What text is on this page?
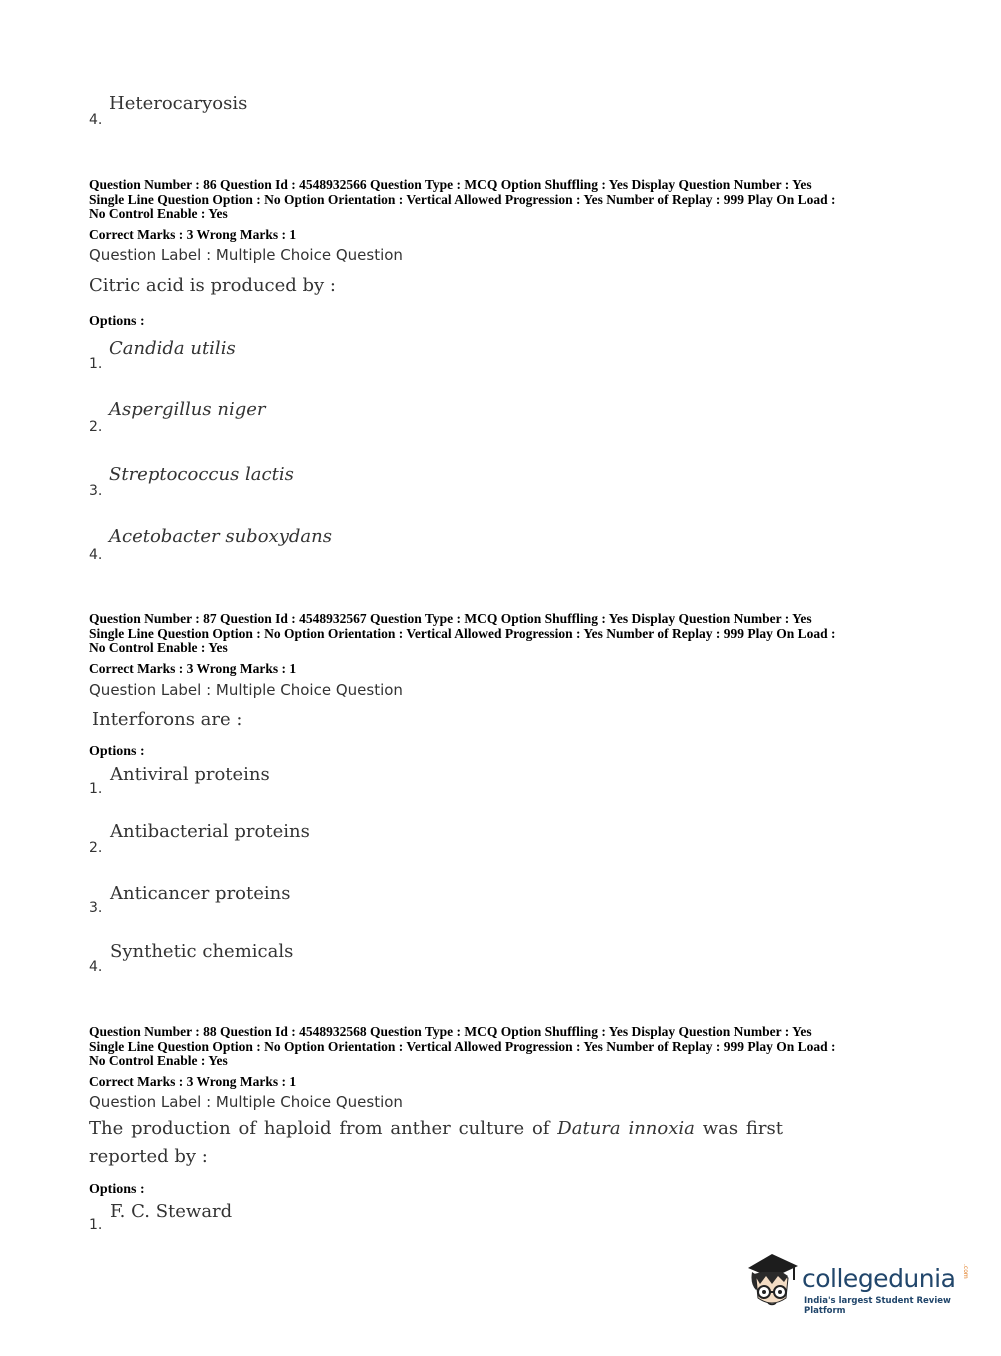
Heterocaryosis
4.
Question Number : 86 Question Id : 4548932566 Question Type : MCQ Option Shuffling : Yes Display Question Number : Yes
Single Line Question Option : No Option Orientation : Vertical Allowed Progression : Yes Number of Replay : 999 Play On Load :
No Control Enable : Yes
Correct Marks : 3 Wrong Marks : 1
Question Label : Multiple Choice Question
Citric acid is produced by :
Options :
Candida utilis
1.
Aspergillus niger
2.
Streptococcus lactis
3.
Acetobacter suboxydans
4.
Question Number : 87 Question Id : 4548932567 Question Type : MCQ Option Shuffling : Yes Display Question Number : Yes
Single Line Question Option : No Option Orientation : Vertical Allowed Progression : Yes Number of Replay : 999 Play On Load :
No Control Enable : Yes
Correct Marks : 3 Wrong Marks : 1
Question Label : Multiple Choice Question
Interforons are :
Options :
Antiviral proteins
1.
Antibacterial proteins
2.
Anticancer proteins
3.
Synthetic chemicals
4.
Question Number : 88 Question Id : 4548932568 Question Type : MCQ Option Shuffling : Yes Display Question Number : Yes
Single Line Question Option : No Option Orientation : Vertical Allowed Progression : Yes Number of Replay : 999 Play On Load :
No Control Enable : Yes
Correct Marks : 3 Wrong Marks : 1
Question Label : Multiple Choice Question
The production of haploid from anther culture of Datura innoxia was first
reported by :
Options :
F. C. Steward
1.
collegedunia .com
India's largest Student Review Platform
